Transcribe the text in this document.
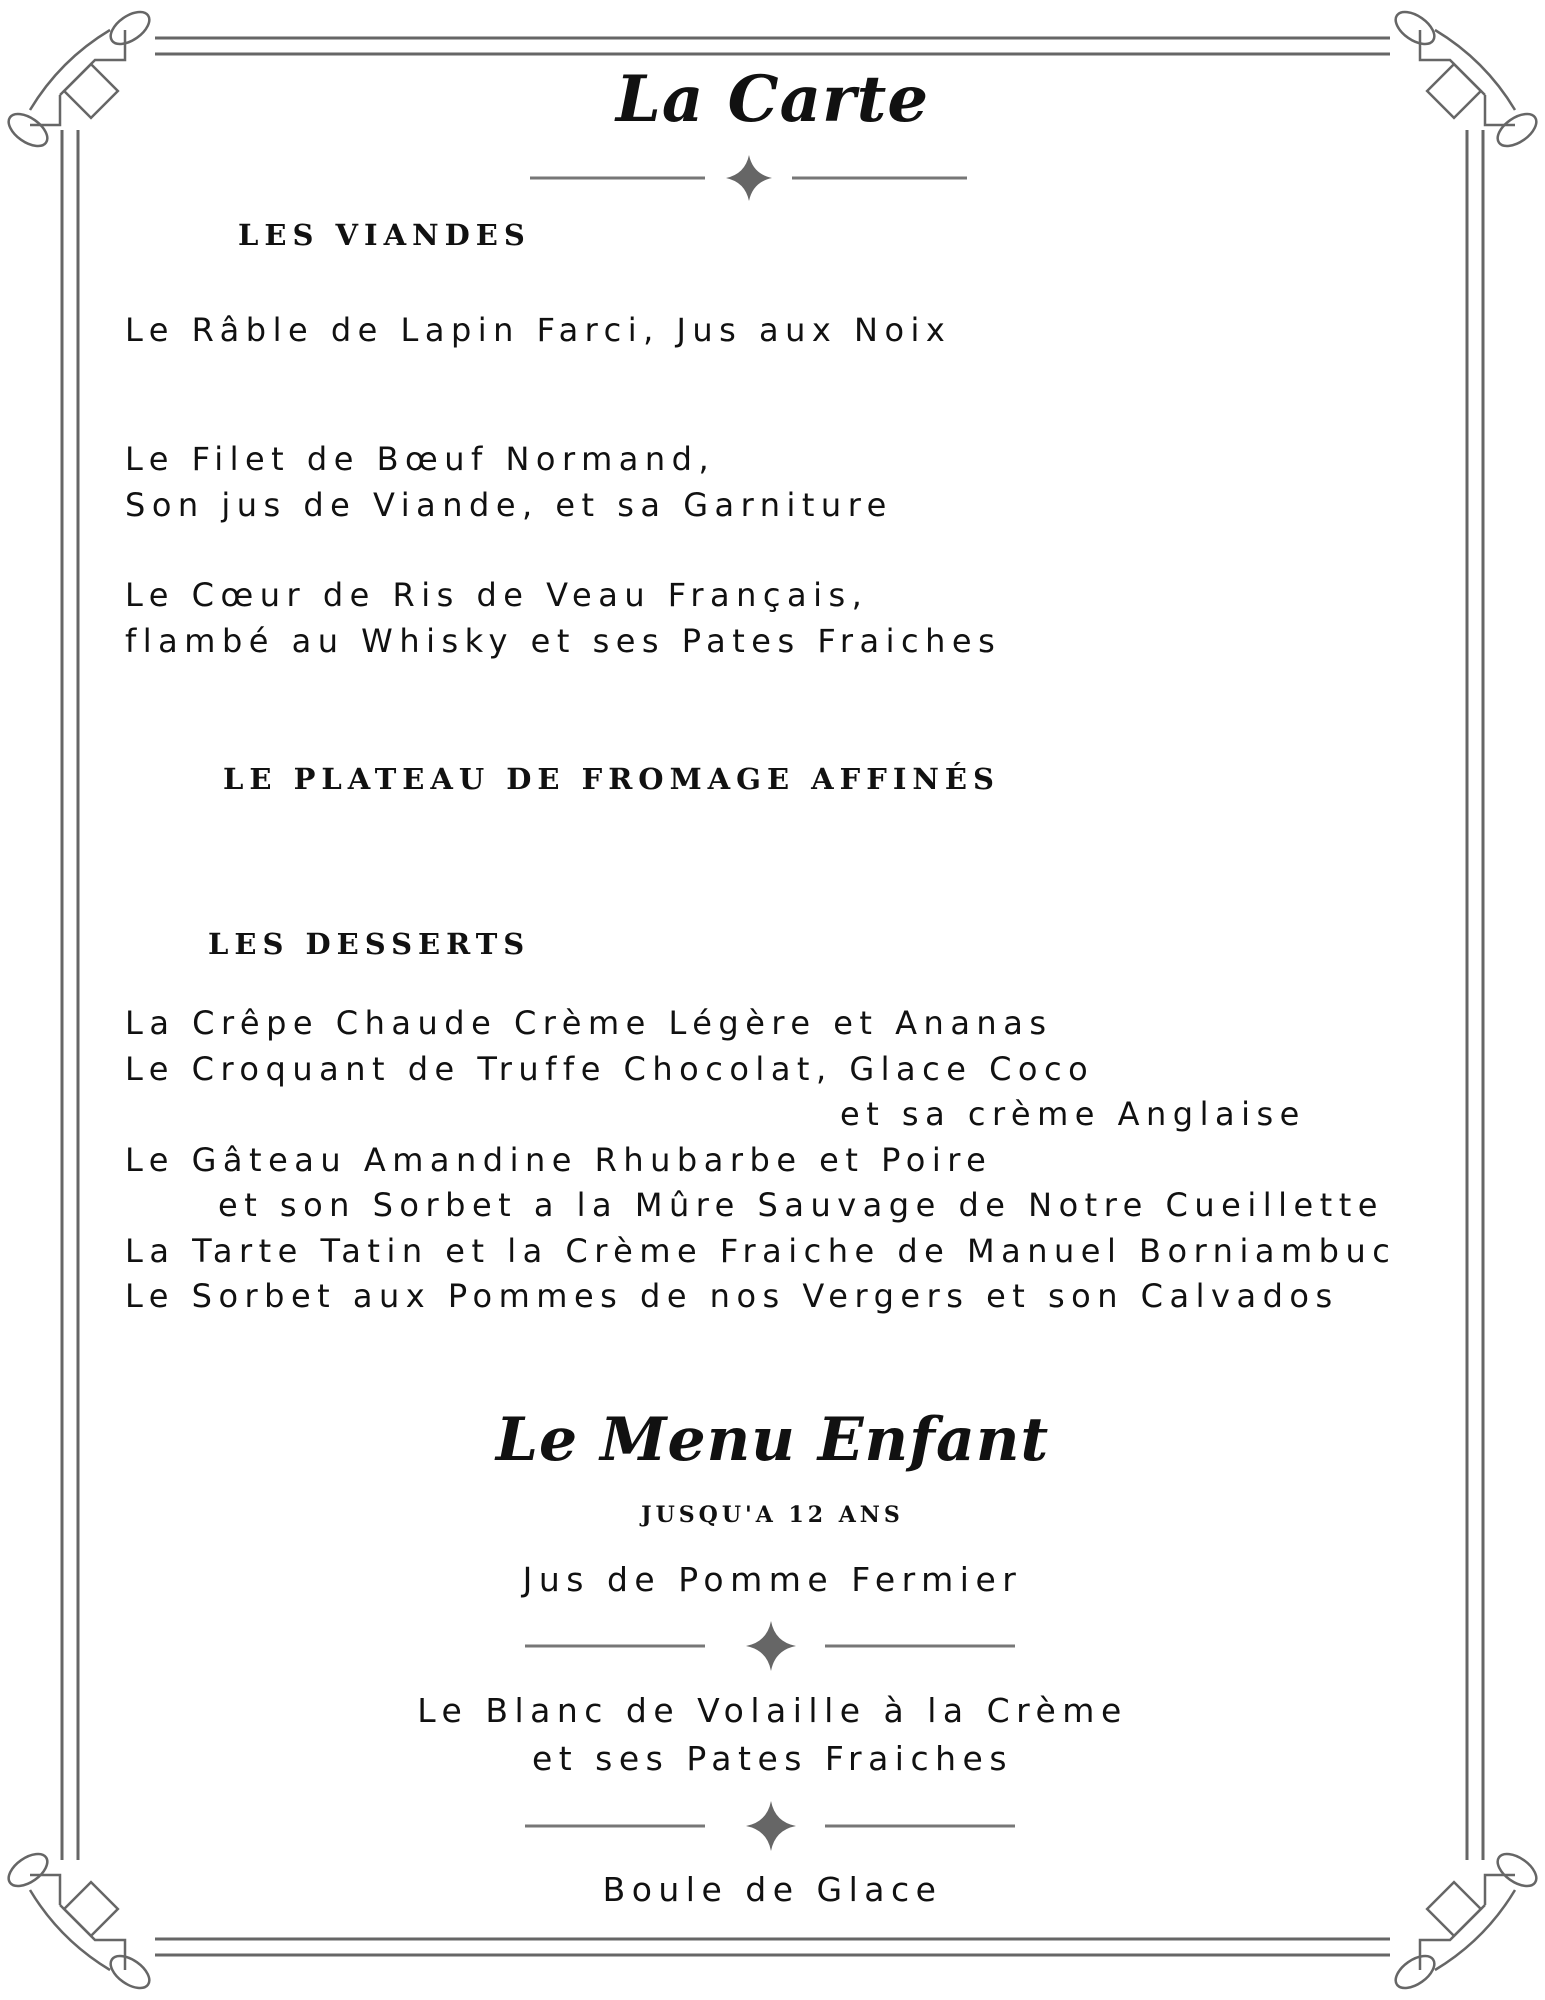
La Carte
LES VIANDES

Le Râble de Lapin Farci, Jus aux Noix

Le Filet de Bœuf Normand,

Son jus de Viande, et sa Garniture

Le Cœur de Ris de Veau Français,

flambé au Whisky et ses Pates Fraiches

LE PLATEAU DE FROMAGE AFFINÉS
LES DESSERTS

La Crêpe Chaude Crème Légère et Ananas

Le Croquant de Truffe Chocolat, Glace Coco

et sa crème Anglaise

Le Gâteau Amandine Rhubarbe et Poire

et son Sorbet a la Mûre Sauvage de Notre Cueillette

La Tarte Tatin et la Crème Fraiche de Manuel Borniambuc

Le Sorbet aux Pommes de nos Vergers et son Calvados

Le Menu Enfant

JUSQU'A 12 ANS

Jus de Pomme Fermier

Le Blanc de Volaille à la Crème

et ses Pates Fraiches

Boule de Glace
